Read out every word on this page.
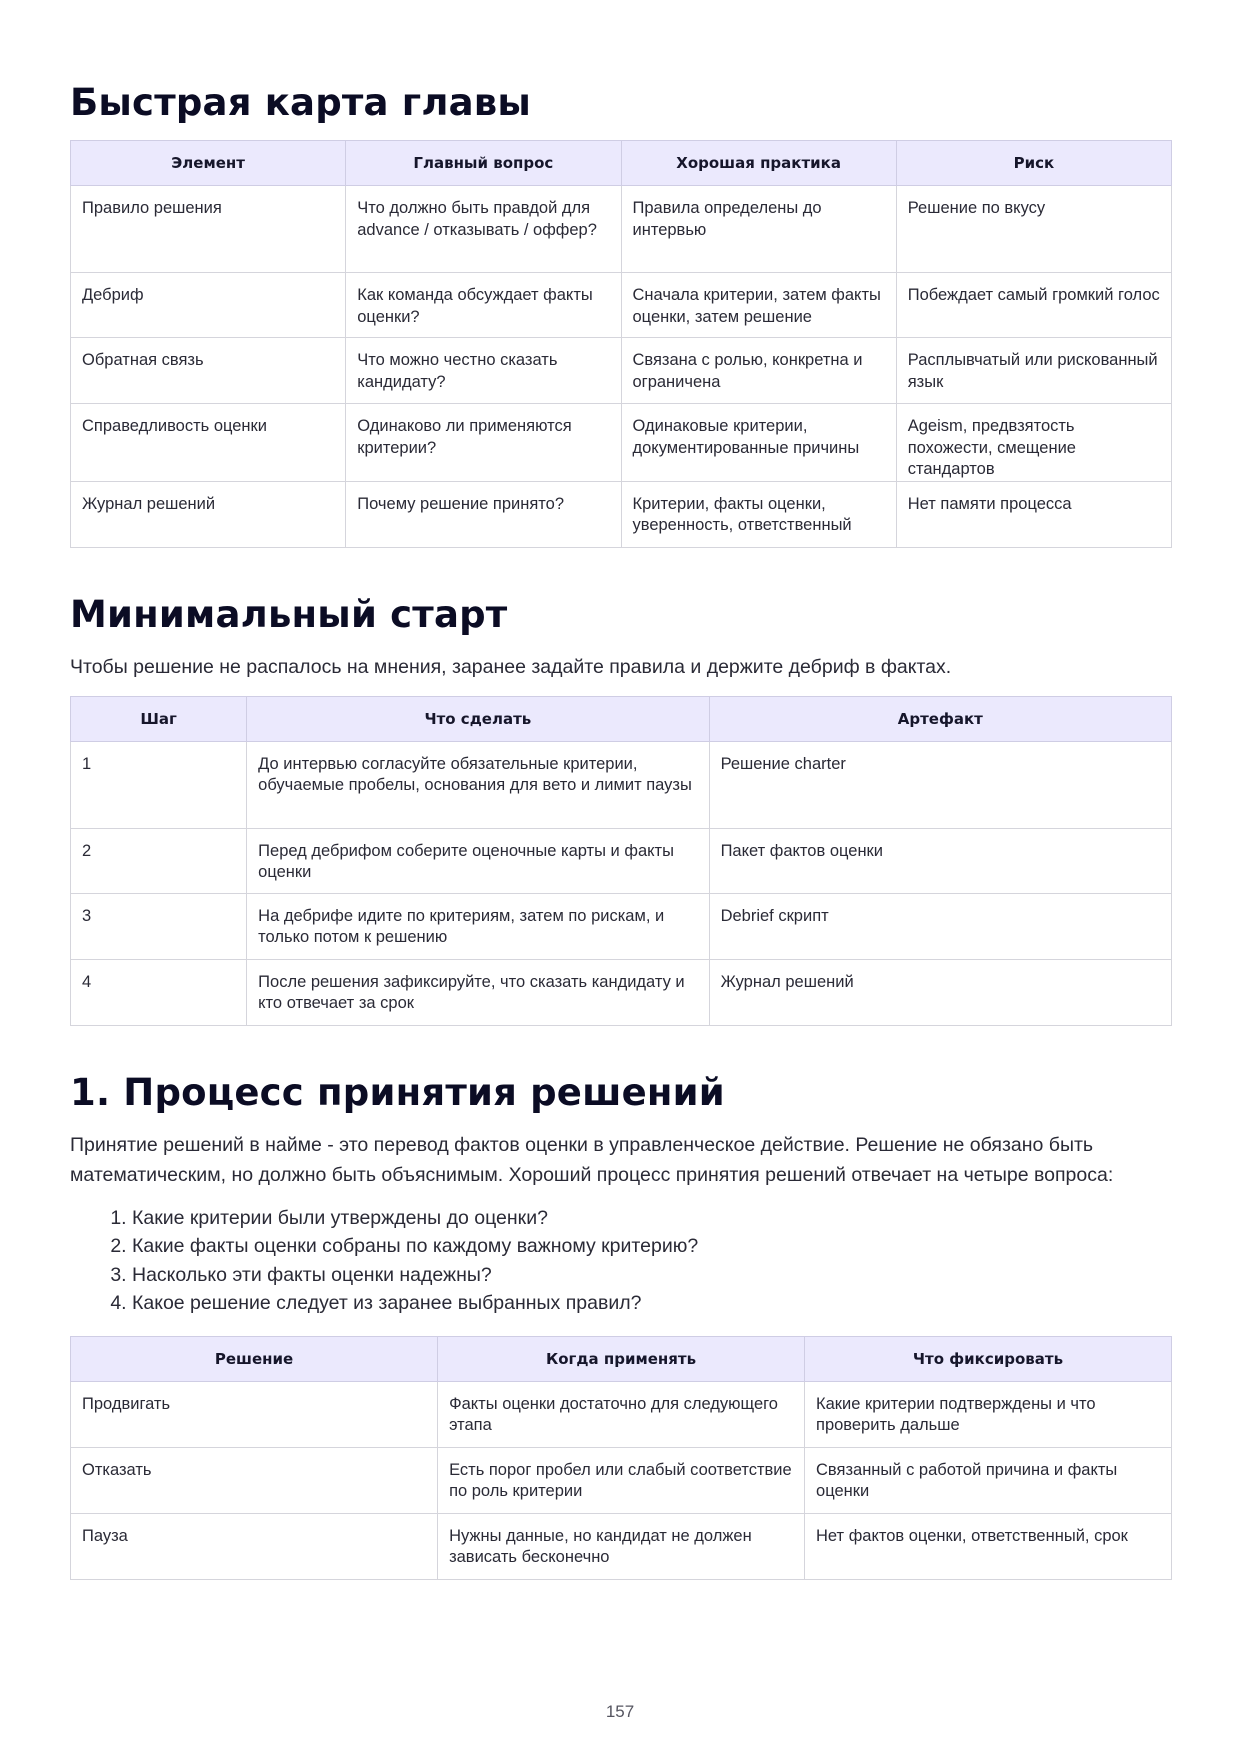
Быстрая карта главы
Элемент	Главный вопрос	Хорошая практика	Риск
Правило решения	Что должно быть правдой для advance / отказывать / оффер?	Правила определены до интервью	Решение по вкусу
Дебриф	Как команда обсуждает факты оценки?	Сначала критерии, затем факты оценки, затем решение	Побеждает самый громкий голос
Обратная связь	Что можно честно сказать кандидату?	Связана с ролью, конкретна и ограничена	Расплывчатый или рискованный язык
Справедливость оценки	Одинаково ли применяются критерии?	Одинаковые критерии, документированные причины	Ageism, предвзятость похожести, смещение стандартов
Журнал решений	Почему решение принято?	Критерии, факты оценки, уверенность, ответственный	Нет памяти процесса
Минимальный старт

Чтобы решение не распалось на мнения, заранее задайте правила и держите дебриф в фактах.

Шаг	Что сделать	Артефакт
1	До интервью согласуйте обязательные критерии, обучаемые пробелы, основания для вето и лимит паузы	Решение charter
2	Перед дебрифом соберите оценочные карты и факты оценки	Пакет фактов оценки
3	На дебрифе идите по критериям, затем по рискам, и только потом к решению	Debrief скрипт
4	После решения зафиксируйте, что сказать кандидату и кто отвечает за срок	Журнал решений
1. Процесс принятия решений

Принятие решений в найме - это перевод фактов оценки в управленческое действие. Решение не обязано быть математическим, но должно быть объяснимым. Хороший процесс принятия решений отвечает на четыре вопроса:

1. Какие критерии были утверждены до оценки?
2. Какие факты оценки собраны по каждому важному критерию?
3. Насколько эти факты оценки надежны?
4. Какое решение следует из заранее выбранных правил?
Решение	Когда применять	Что фиксировать
Продвигать	Факты оценки достаточно для следующего этапа	Какие критерии подтверждены и что проверить дальше
Отказать	Есть порог пробел или слабый соответствие по роль критерии	Связанный с работой причина и факты оценки
Пауза	Нужны данные, но кандидат не должен зависать бесконечно	Нет фактов оценки, ответственный, срок
157
